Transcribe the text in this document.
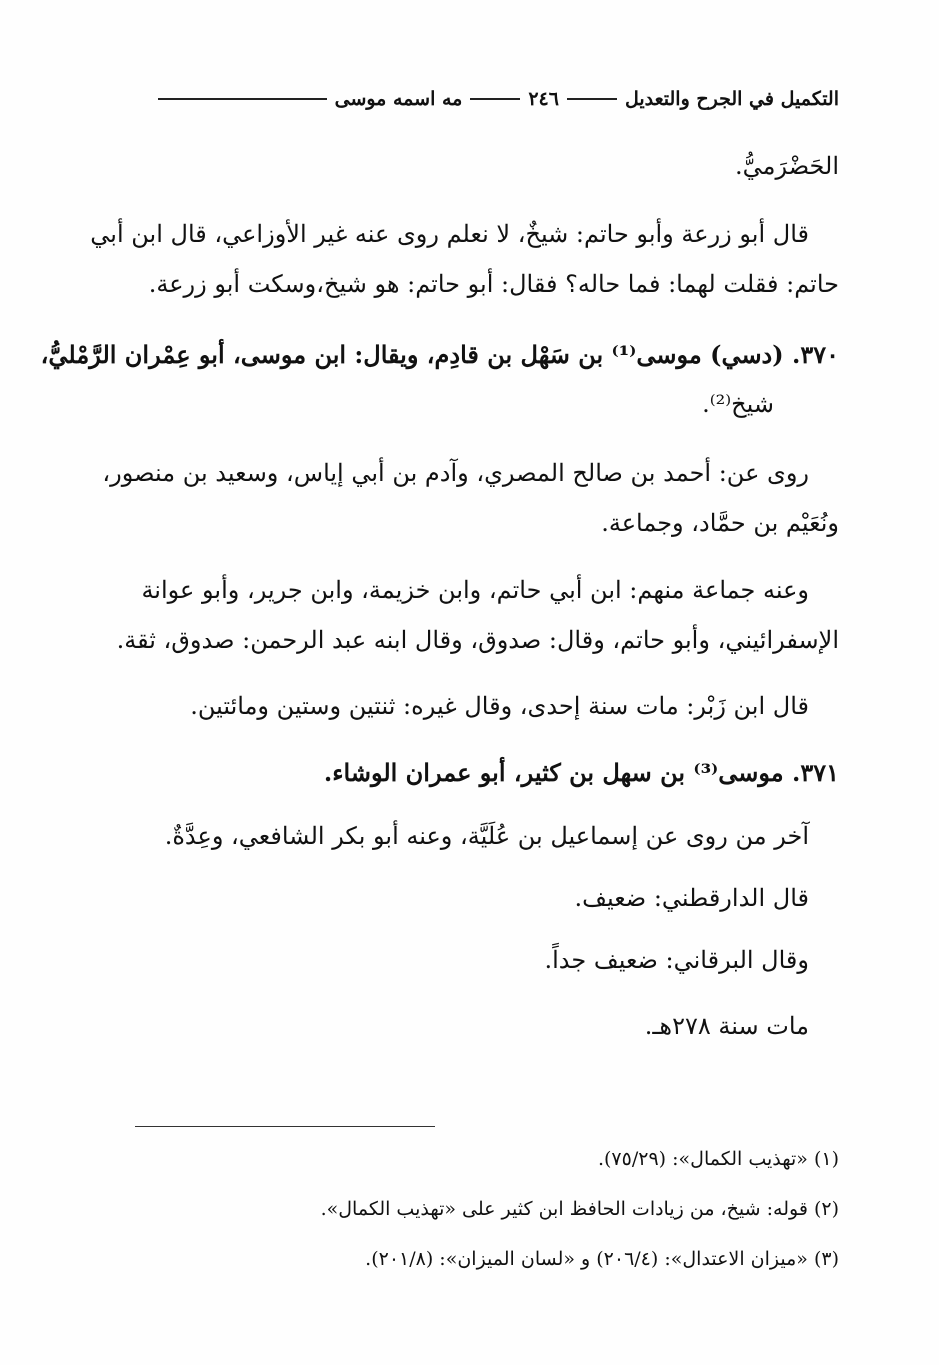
التكميل في الجرح والتعديل
٢٤٦
مه اسمه موسى
الحَضْرَميُّ.
قال أبو زرعة وأبو حاتم: شيخٌ، لا نعلم روى عنه غير الأوزاعي، قال ابن أبي
حاتم: فقلت لهما: فما حاله؟ فقال: أبو حاتم: هو شيخ،وسكت أبو زرعة.
٣٧٠. (دسي) موسى⁽¹⁾ بن سَهْل بن قادِم، ويقال: ابن موسى، أبو عِمْران الرَّمْليُّ،
شيخ⁽²⁾.
روى عن: أحمد بن صالح المصري، وآدم بن أبي إياس، وسعيد بن منصور،
ونُعَيْم بن حمَّاد، وجماعة.
وعنه جماعة منهم: ابن أبي حاتم، وابن خزيمة، وابن جرير، وأبو عوانة
الإسفرائيني، وأبو حاتم، وقال: صدوق، وقال ابنه عبد الرحمن: صدوق، ثقة.
قال ابن زَبْر: مات سنة إحدى، وقال غيره: ثنتين وستين ومائتين.
٣٧١. موسى⁽³⁾ بن سهل بن كثير، أبو عمران الوشاء.
آخر من روى عن إسماعيل بن عُلَيَّة، وعنه أبو بكر الشافعي، وعِدَّةٌ.
قال الدارقطني: ضعيف.
وقال البرقاني: ضعيف جداً.
مات سنة ٢٧٨هـ.
(١) «تهذيب الكمال»: (٧٥/٢٩).
(٢) قوله: شيخ، من زيادات الحافظ ابن كثير على «تهذيب الكمال».
(٣) «ميزان الاعتدال»: (٢٠٦/٤) و «لسان الميزان»: (٢٠١/٨).
